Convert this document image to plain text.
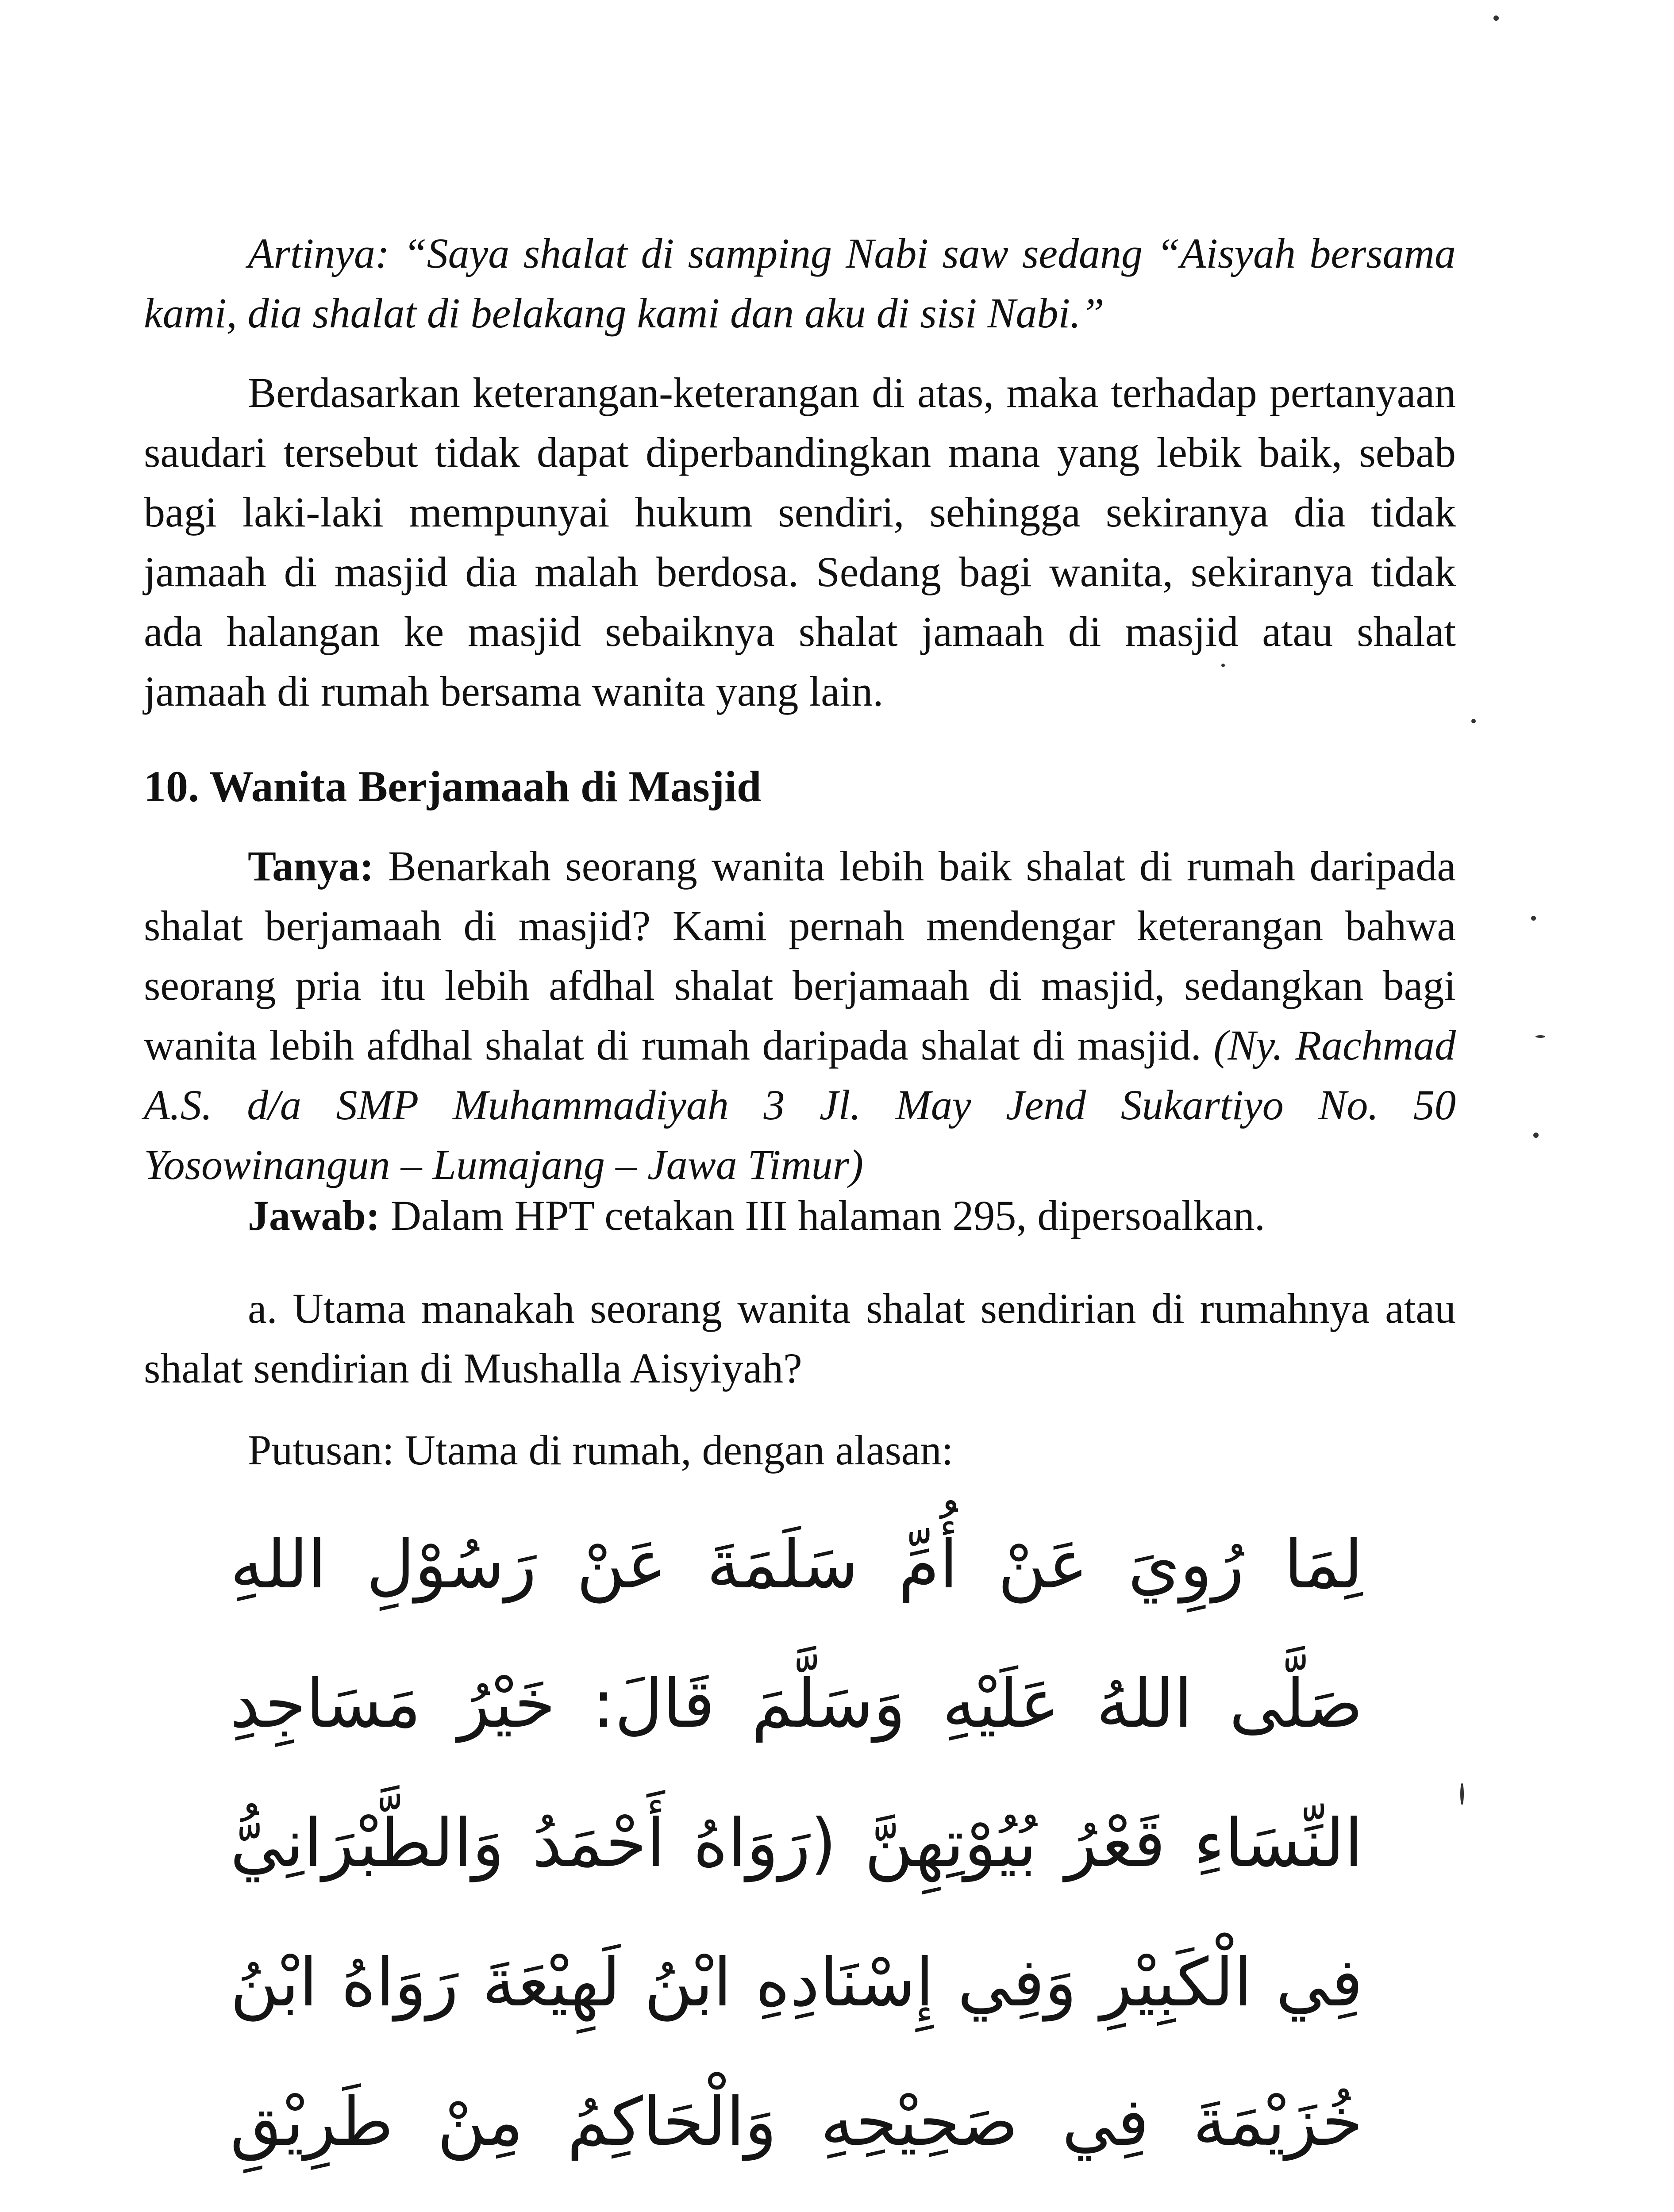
Artinya: “Saya shalat di samping Nabi saw sedang “Aisyah bersama kami, dia shalat di belakang kami dan aku di sisi Nabi.”

Berdasarkan keterangan-keterangan di atas, maka terhadap pertanyaan saudari tersebut tidak dapat diperbandingkan mana yang lebik baik, sebab bagi laki-laki mempunyai hukum sendiri, sehingga sekiranya dia tidak jamaah di masjid dia malah berdosa. Sedang bagi wanita, sekiranya tidak ada halangan ke masjid sebaiknya shalat jamaah di masjid atau shalat jamaah di rumah bersama wanita yang lain.

10. Wanita Berjamaah di Masjid

Tanya: Benarkah seorang wanita lebih baik shalat di rumah daripada shalat berjamaah di masjid? Kami pernah mendengar keterangan bahwa seorang pria itu lebih afdhal shalat berjamaah di masjid, sedangkan bagi wanita lebih afdhal shalat di rumah daripada shalat di masjid. (Ny. Rachmad A.S. d/a SMP Muhammadiyah 3 Jl. May Jend Sukartiyo No. 50 Yosowinangun – Lumajang – Jawa Timur)

Jawab: Dalam HPT cetakan III halaman 295, dipersoalkan.

a. Utama manakah seorang wanita shalat sendirian di rumahnya atau shalat sendirian di Mushalla Aisyiyah?

Putusan: Utama di rumah, dengan alasan:

لِمَا رُوِيَ عَنْ أُمِّ سَلَمَةَ عَنْ رَسُوْلِ اللهِ صَلَّى اللهُ عَلَيْهِ وَسَلَّمَ قَالَ: خَيْرُ مَسَاجِدِ النِّسَاءِ قَعْرُ بُيُوْتِهِنَّ (رَوَاهُ أَحْمَدُ وَالطَّبْرَانِيُّ فِي الْكَبِيْرِ وَفِي إِسْنَادِهِ ابْنُ لَهِيْعَةَ رَوَاهُ ابْنُ خُزَيْمَةَ فِي صَحِيْحِهِ وَالْحَاكِمُ مِنْ طَرِيْقِ
